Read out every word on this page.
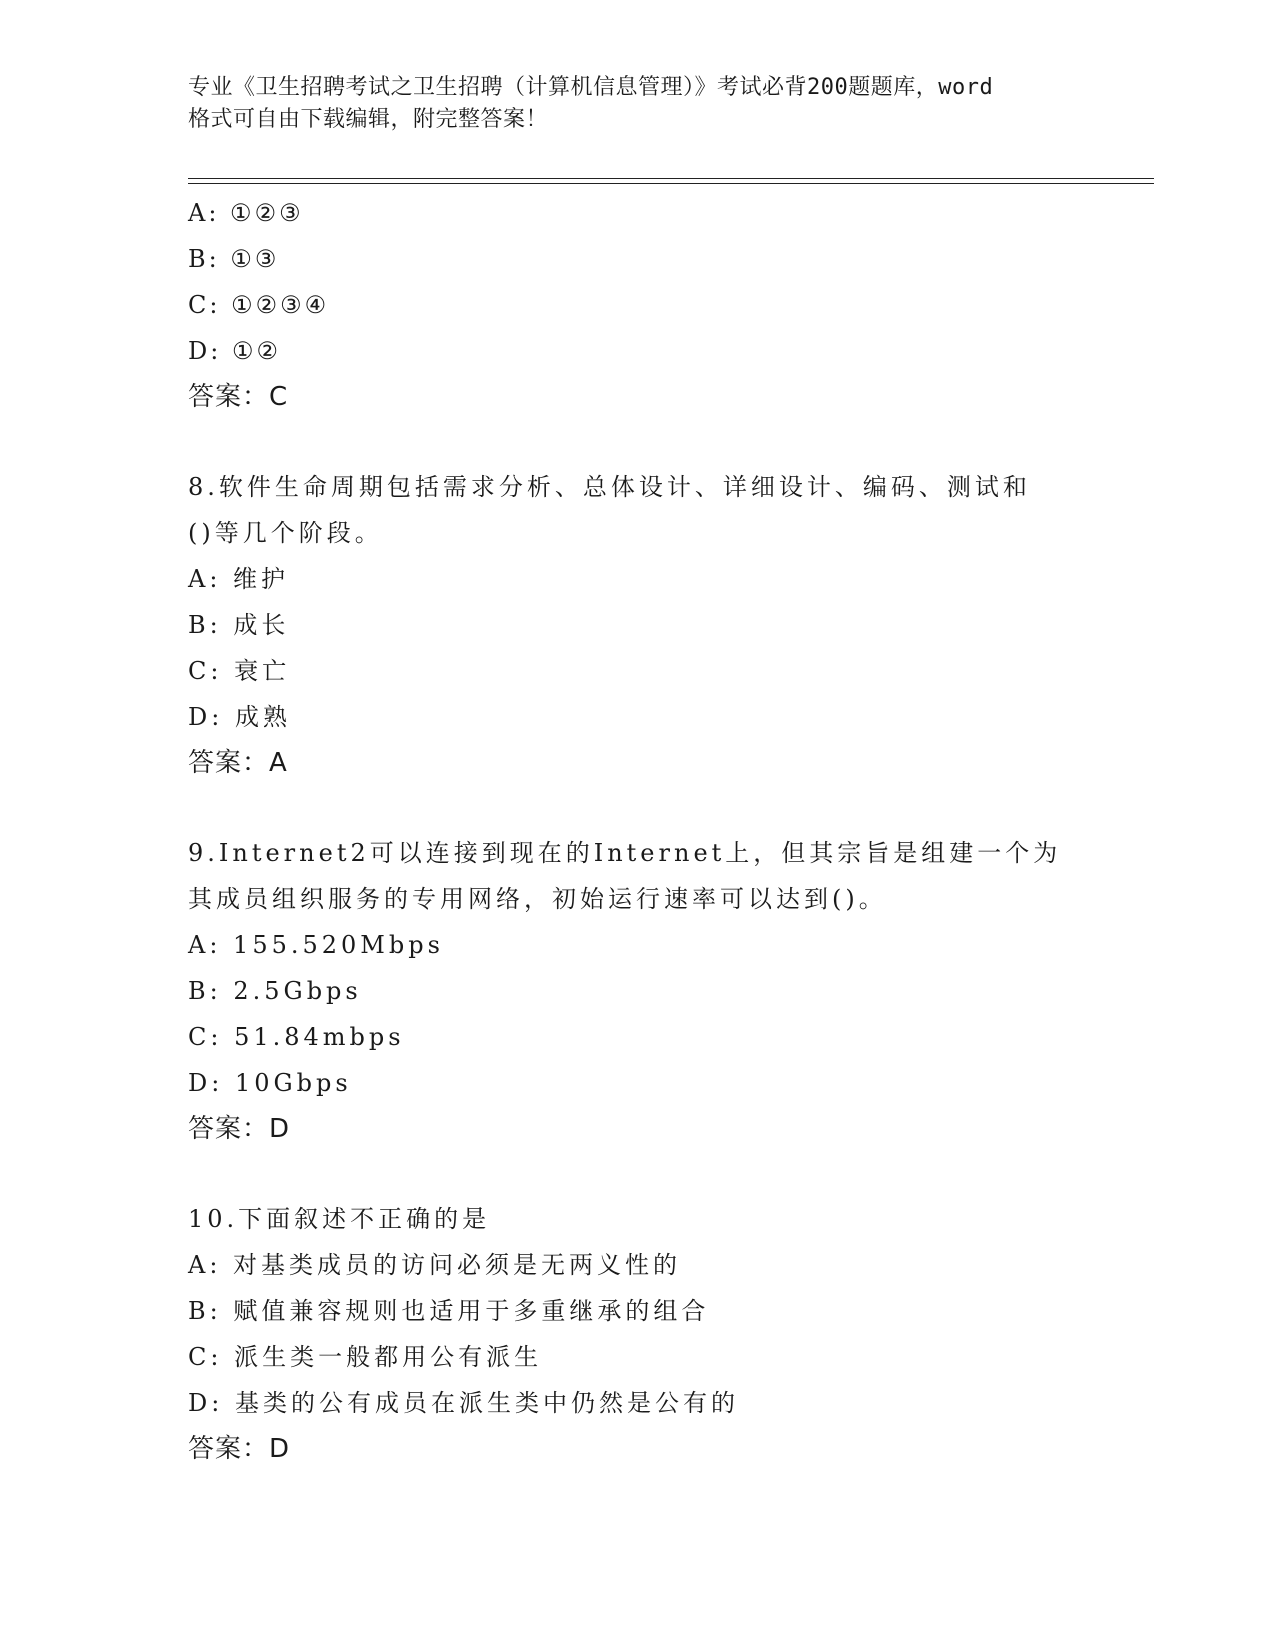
专业《卫生招聘考试之卫生招聘（计算机信息管理）》考试必背200题题库，word
格式可自由下载编辑，附完整答案！
A: ①②③
B: ①③
C: ①②③④
D: ①②
答案：C
8.软件生命周期包括需求分析、总体设计、详细设计、编码、测试和
()等几个阶段。
A: 维护
B: 成长
C: 衰亡
D: 成熟
答案：A
9.Internet2可以连接到现在的Internet上，但其宗旨是组建一个为
其成员组织服务的专用网络，初始运行速率可以达到()。
A: 155.520Mbps
B: 2.5Gbps
C: 51.84mbps
D: 10Gbps
答案：D
10.下面叙述不正确的是
A: 对基类成员的访问必须是无两义性的
B: 赋值兼容规则也适用于多重继承的组合
C: 派生类一般都用公有派生
D: 基类的公有成员在派生类中仍然是公有的
答案：D
